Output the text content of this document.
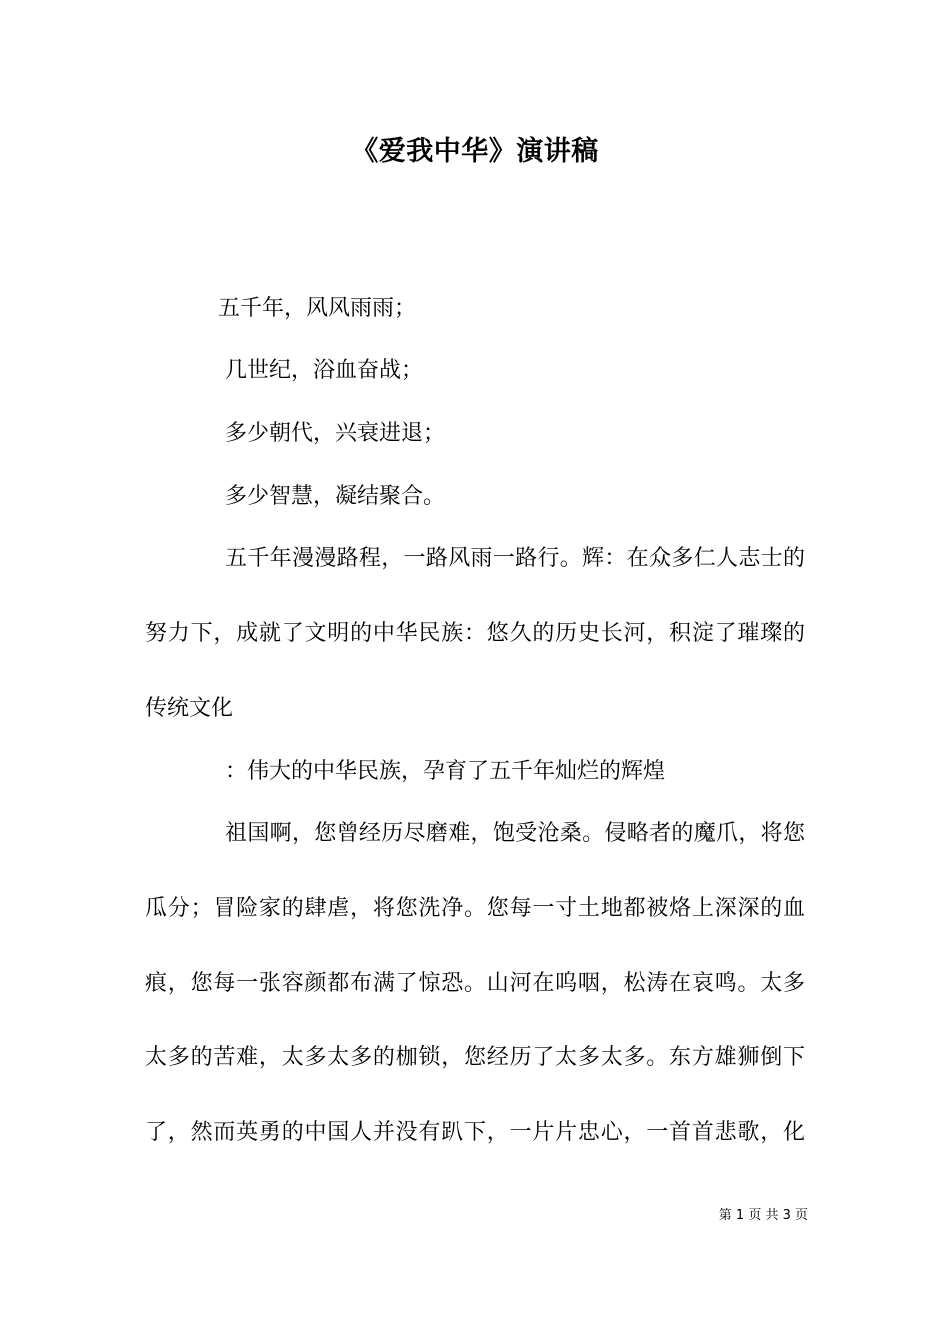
《爱我中华》演讲稿
五千年，风风雨雨；
几世纪，浴血奋战；
多少朝代，兴衰进退；
多少智慧，凝结聚合。
五千年漫漫路程，一路风雨一路行。辉：在众多仁人志士的
努力下，成就了文明的中华民族：悠久的历史长河，积淀了璀璨的
传统文化
：伟大的中华民族，孕育了五千年灿烂的辉煌
祖国啊，您曾经历尽磨难，饱受沧桑。侵略者的魔爪，将您
瓜分；冒险家的肆虐，将您洗净。您每一寸土地都被烙上深深的血
痕，您每一张容颜都布满了惊恐。山河在呜咽，松涛在哀鸣。太多
太多的苦难，太多太多的枷锁，您经历了太多太多。东方雄狮倒下
了，然而英勇的中国人并没有趴下，一片片忠心，一首首悲歌，化
第 1 页 共 3 页
